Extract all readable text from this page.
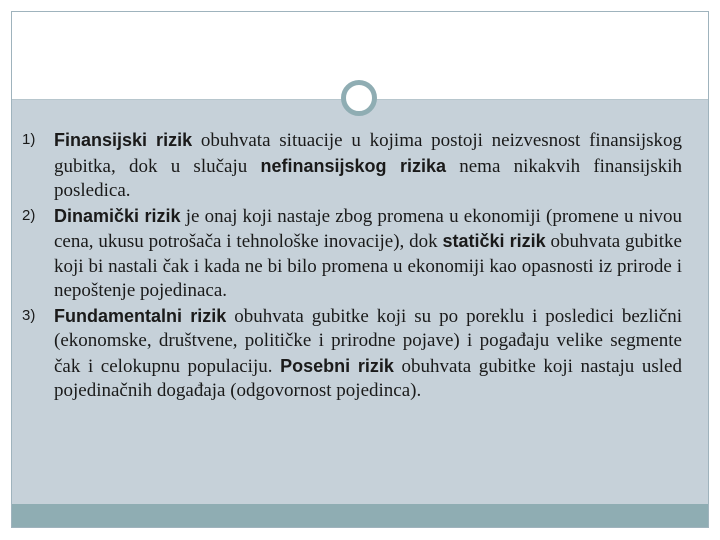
1) Finansijski rizik obuhvata situacije u kojima postoji neizvesnost finansijskog gubitka, dok u slučaju nefinansijskog rizika nema nikakvih finansijskih posledica.

2) Dinamički rizik je onaj koji nastaje zbog promena u ekonomiji (promene u nivou cena, ukusu potrošača i tehnološke inovacije), dok statički rizik obuhvata gubitke koji bi nastali čak i kada ne bi bilo promena u ekonomiji kao opasnosti iz prirode i nepoštenje pojedinaca.

3) Fundamentalni rizik obuhvata gubitke koji su po poreklu i posledici bezlični (ekonomske, društvene, političke i prirodne pojave) i pogađaju velike segmente čak i celokupnu populaciju. Posebni rizik obuhvata gubitke koji nastaju usled pojedinačnih događaja (odgovornost pojedinca).
